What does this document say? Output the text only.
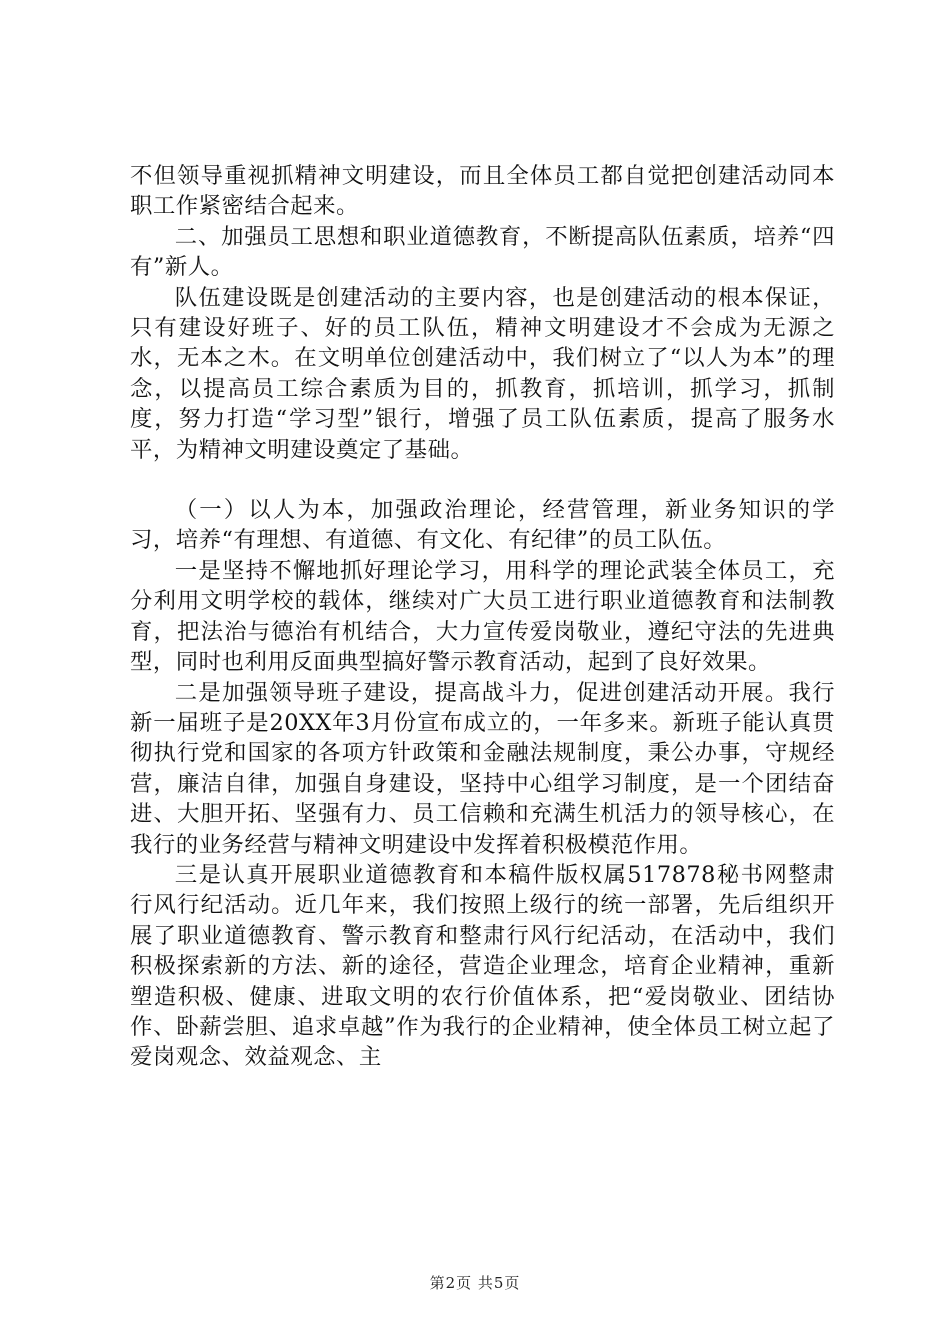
不但领导重视抓精神文明建设，而且全体员工都自觉把创建活动同本职工作紧密结合起来。

二、加强员工思想和职业道德教育，不断提高队伍素质，培养“四有”新人。

队伍建设既是创建活动的主要内容，也是创建活动的根本保证，只有建设好班子、好的员工队伍，精神文明建设才不会成为无源之水，无本之木。在文明单位创建活动中，我们树立了“以人为本”的理念，以提高员工综合素质为目的，抓教育，抓培训，抓学习，抓制度，努力打造“学习型”银行，增强了员工队伍素质，提高了服务水平，为精神文明建设奠定了基础。

（一）以人为本，加强政治理论，经营管理，新业务知识的学习，培养“有理想、有道德、有文化、有纪律”的员工队伍。

一是坚持不懈地抓好理论学习，用科学的理论武装全体员工，充分利用文明学校的载体，继续对广大员工进行职业道德教育和法制教育，把法治与德治有机结合，大力宣传爱岗敬业，遵纪守法的先进典型，同时也利用反面典型搞好警示教育活动，起到了良好效果。

二是加强领导班子建设，提高战斗力，促进创建活动开展。我行新一届班子是20XX年3月份宣布成立的，一年多来。新班子能认真贯彻执行党和国家的各项方针政策和金融法规制度，秉公办事，守规经营，廉洁自律，加强自身建设，坚持中心组学习制度，是一个团结奋进、大胆开拓、坚强有力、员工信赖和充满生机活力的领导核心，在我行的业务经营与精神文明建设中发挥着积极模范作用。

三是认真开展职业道德教育和本稿件版权属517878秘书网整肃行风行纪活动。近几年来，我们按照上级行的统一部署，先后组织开展了职业道德教育、警示教育和整肃行风行纪活动，在活动中，我们积极探索新的方法、新的途径，营造企业理念，培育企业精神，重新塑造积极、健康、进取文明的农行价值体系，把“爱岗敬业、团结协作、卧薪尝胆、追求卓越”作为我行的企业精神，使全体员工树立起了爱岗观念、效益观念、主

第2页 共5页
